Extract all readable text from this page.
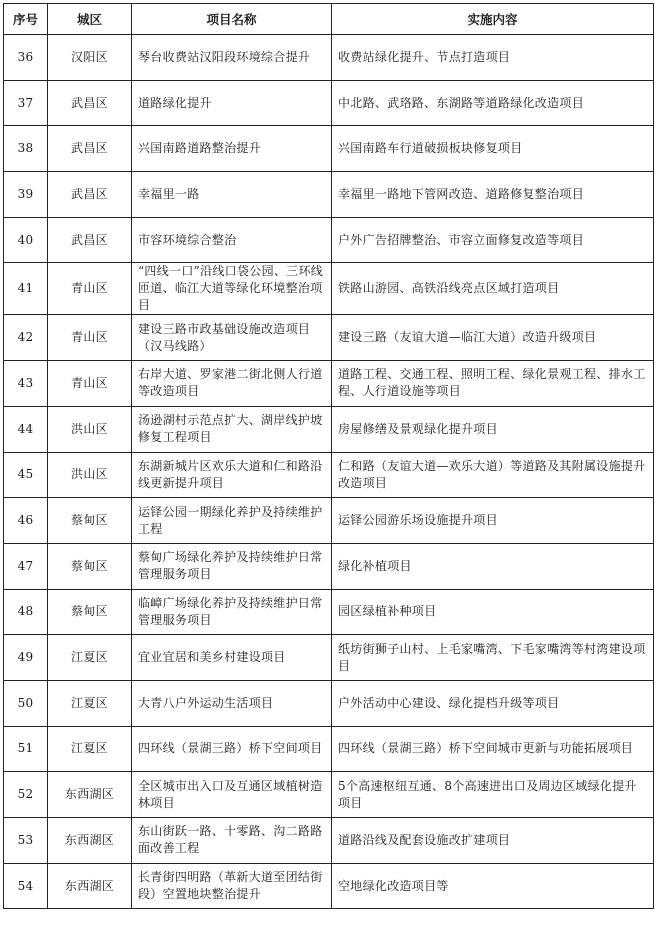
序号	城区	项目名称	实施内容
36	汉阳区	琴台收费站汉阳段环境综合提升	收费站绿化提升、节点打造项目
37	武昌区	道路绿化提升	中北路、武珞路、东湖路等道路绿化改造项目
38	武昌区	兴国南路道路整治提升	兴国南路车行道破损板块修复项目
39	武昌区	幸福里一路	幸福里一路地下管网改造、道路修复整治项目
40	武昌区	市容环境综合整治	户外广告招牌整治、市容立面修复改造等项目
41	青山区	“四线一口”沿线口袋公园、三环线匝道、临江大道等绿化环境整治项目	铁路山游园、高铁沿线亮点区域打造项目
42	青山区	建设三路市政基础设施改造项目（汉马线路）	建设三路（友谊大道—临江大道）改造升级项目
43	青山区	右岸大道、罗家港二街北侧人行道等改造项目	道路工程、交通工程、照明工程、绿化景观工程、排水工程、人行道设施等项目
44	洪山区	汤逊湖村示范点扩大、湖岸线护坡修复工程项目	房屋修缮及景观绿化提升项目
45	洪山区	东湖新城片区欢乐大道和仁和路沿线更新提升项目	仁和路（友谊大道—欢乐大道）等道路及其附属设施提升改造项目
46	蔡甸区	运铎公园一期绿化养护及持续维护工程	运铎公园游乐场设施提升项目
47	蔡甸区	蔡甸广场绿化养护及持续维护日常管理服务项目	绿化补植项目
48	蔡甸区	临嶂广场绿化养护及持续维护日常管理服务项目	园区绿植补种项目
49	江夏区	宜业宜居和美乡村建设项目	纸坊街狮子山村、上毛家嘴湾、下毛家嘴湾等村湾建设项目
50	江夏区	大青八户外运动生活项目	户外活动中心建设、绿化提档升级等项目
51	江夏区	四环线（景湖三路）桥下空间项目	四环线（景湖三路）桥下空间城市更新与功能拓展项目
52	东西湖区	全区城市出入口及互通区域植树造林项目	5个高速枢纽互通、8个高速进出口及周边区域绿化提升项目
53	东西湖区	东山街跃一路、十零路、沟二路路面改善工程	道路沿线及配套设施改扩建项目
54	东西湖区	长青街四明路（革新大道至团结街段）空置地块整治提升	空地绿化改造项目等
